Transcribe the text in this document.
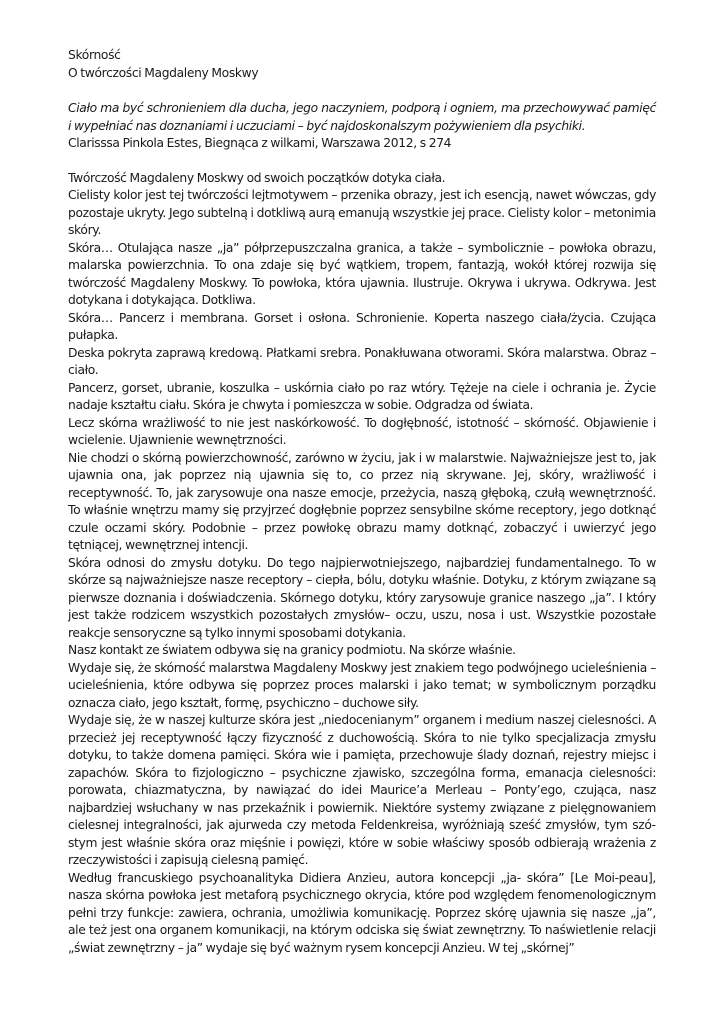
Skórność
O twórczości Magdaleny Moskwy

Ciało ma być schronieniem dla ducha, jego naczyniem, podporą i ogniem, ma przechowywać pamięć i wypełniać nas doznaniami i uczuciami – być najdoskonalszym pożywieniem dla psychiki.

Clarisssa Pinkola Estes, Biegnąca z wilkami, Warszawa 2012, s 274

Twórczość Magdaleny Moskwy od swoich początków dotyka ciała.

Cielisty kolor jest tej twórczości lejtmotywem – przenika obrazy, jest ich esencją, nawet wówczas, gdy pozostaje ukryty. Jego subtelną i dotkliwą aurą emanują wszystkie jej prace. Cielisty kolor – metonimia skóry.

Skóra… Otulająca nasze „ja” półprzepuszczalna granica, a także – symbolicznie – powłoka obrazu, malarska powierzchnia. To ona zdaje się być wątkiem, tropem, fantazją, wokół której rozwija się twórczość Magdaleny Moskwy. To powłoka, która ujawnia. Ilustruje. Okrywa i ukrywa. Odkrywa. Jest dotykana i dotykająca. Dotkliwa.

Skóra… Pancerz i membrana. Gorset i osłona. Schronienie. Koperta naszego ciała/życia. Czująca pułapka.

Deska pokryta zaprawą kredową. Płatkami srebra. Ponakłuwana otworami. Skóra malarstwa. Obraz – ciało.

Pancerz, gorset, ubranie, koszulka – uskórnia ciało po raz wtóry. Tężeje na ciele i ochrania je. Życie nadaje kształtu ciału. Skóra je chwyta i pomieszcza w sobie. Odgradza od świata.

Lecz skórna wrażliwość to nie jest naskórkowość. To dogłębność, istotność – skórność. Objawienie i wcielenie. Ujawnienie wewnętrzności.

Nie chodzi o skórną powierzchowność, zarówno w życiu, jak i w malarstwie. Najważniejsze jest to, jak ujawnia ona, jak poprzez nią ujawnia się to, co przez nią skrywane. Jej, skóry, wrażliwość i receptywność. To, jak zarysowuje ona nasze emocje, przeżycia, naszą głęboką, czułą wewnętrzność. To właśnie wnętrzu mamy się przyjrzeć dogłębnie poprzez sensybilne skórne receptory, jego dotknąć czule oczami skóry. Podobnie – przez powłokę obrazu mamy dotknąć, zobaczyć i uwierzyć jego tętniącej, wewnętrznej intencji.

Skóra odnosi do zmysłu dotyku. Do tego najpierwotniejszego, najbardziej fundamentalnego. To w skórze są najważniejsze nasze receptory – ciepła, bólu, dotyku właśnie. Dotyku, z którym związane są pierwsze doznania i doświadczenia. Skórnego dotyku, który zarysowuje granice naszego „ja”. I który jest także rodzicem wszystkich pozostałych zmysłów– oczu, uszu, nosa i ust. Wszystkie pozostałe reakcje sensoryczne są tylko innymi sposobami dotykania.

Nasz kontakt ze światem odbywa się na granicy podmiotu. Na skórze właśnie.

Wydaje się, że skórność malarstwa Magdaleny Moskwy jest znakiem tego podwójnego ucieleśnienia – ucieleśnienia, które odbywa się poprzez proces malarski i jako temat; w symbolicznym porządku oznacza ciało, jego kształt, formę, psychiczno – duchowe siły.

Wydaje się, że w naszej kulturze skóra jest „niedocenianym” organem i medium naszej cielesności. A przecież jej receptywność łączy fizyczność z duchowością. Skóra to nie tylko specjalizacja zmysłu dotyku, to także domena pamięci. Skóra wie i pamięta, przechowuje ślady doznań, rejestry miejsc i zapachów. Skóra to fizjologiczno – psychiczne zjawisko, szczególna forma, emanacja cielesności: porowata, chiazmatyczna, by nawiązać do idei Maurice’a Merleau – Ponty’ego, czująca, nasz najbardziej wsłuchany w nas przekaźnik i powiernik. Niektóre systemy związane z pielęgnowaniem cielesnej integralności, jak ajurweda czy metoda Feldenkreisa, wyróżniają sześć zmysłów, tym szóstym jest właśnie skóra oraz mięśnie i powięzi, które w sobie właściwy sposób odbierają wrażenia z rzeczywistości i zapisują cielesną pamięć.

Według francuskiego psychoanalityka Didiera Anzieu, autora koncepcji „ja- skóra” [Le Moi-peau], nasza skórna powłoka jest metaforą psychicznego okrycia, które pod względem fenomenologicznym pełni trzy funkcje: zawiera, ochrania, umożliwia komunikację. Poprzez skórę ujawnia się nasze „ja”, ale też jest ona organem komunikacji, na którym odciska się świat zewnętrzny. To naświetlenie relacji „świat zewnętrzny – ja” wydaje się być ważnym rysem koncepcji Anzieu. W tej „skórnej”
